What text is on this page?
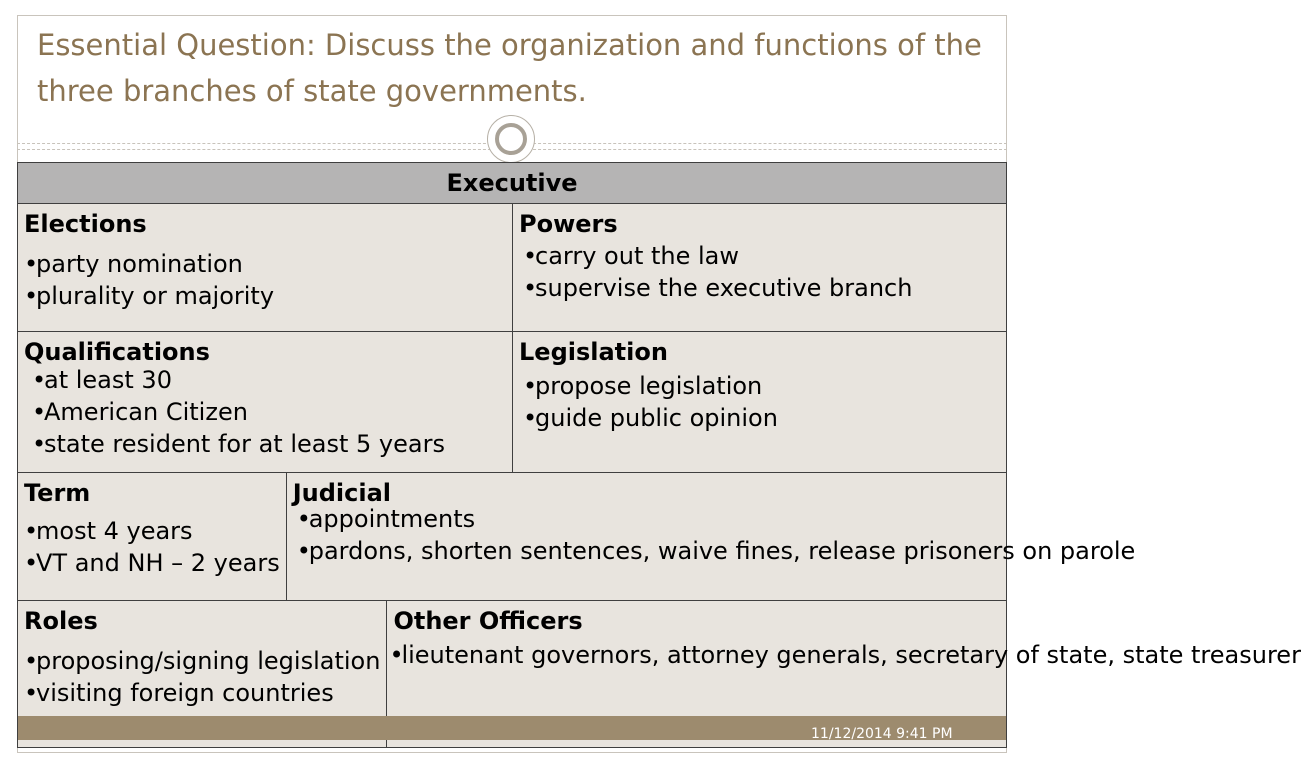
Essential Question: Discuss the organization and functions of the three branches of state governments.
Executive
Elections
•party nomination
•plurality or majority
Powers
•carry out the law
•supervise the executive branch
Qualifications
•at least 30
•American Citizen
•state resident for at least 5 years
Legislation
•propose legislation
•guide public opinion
Term
•most 4 years
•VT and NH – 2 years
Judicial
•appointments
•pardons, shorten sentences, waive fines, release prisoners on parole
Roles
•proposing/signing legislation
•visiting foreign countries
Other Officers
•lieutenant governors, attorney generals, secretary of state, state treasurer
11/12/2014 9:41 PM
